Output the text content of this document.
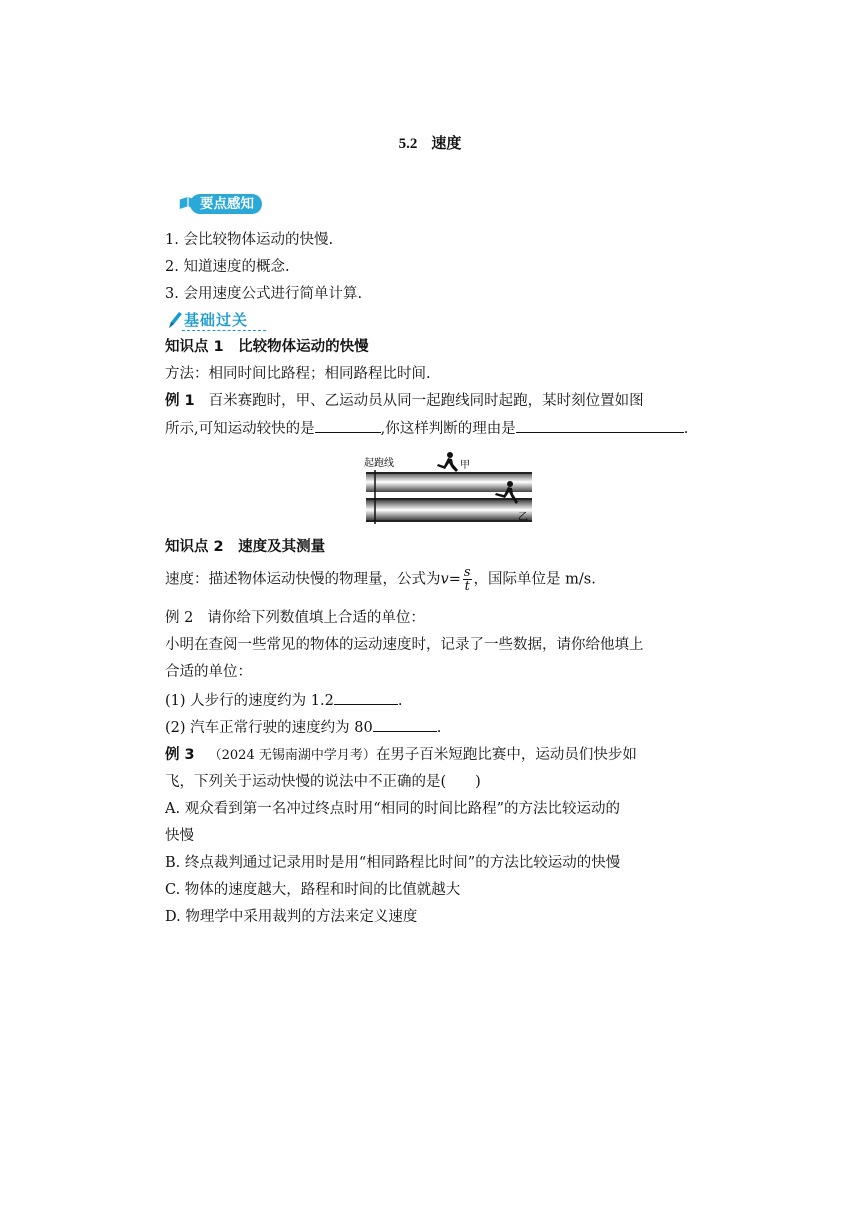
5.2 速度
要点感知
1. 会比较物体运动的快慢.
2. 知道速度的概念.
3. 会用速度公式进行简单计算.
基础过关
知识点 1　比较物体运动的快慢
方法：相同时间比路程；相同路程比时间.
例 1 百米赛跑时，甲、乙运动员从同一起跑线同时起跑，某时刻位置如图
所示,可知运动较快的是	,你这样判断的理由是	.
起跑线	甲
乙
知识点 2　速度及其测量
速度：描述物体运动快慢的物理量，公式为$v= \frac{s}{t}$ ，国际单位是 m/s.
例 2 请你给下列数值填上合适的单位：
小明在查阅一些常见的物体的运动速度时，记录了一些数据，请你给他填上
合适的单位：
(1) 人步行的速度约为 1.2	.
(2) 汽车正常行驶的速度约为 80	.
例 3 （2024 无锡南湖中学月考）在男子百米短跑比赛中，运动员们快步如
飞，下列关于运动快慢的说法中不正确的是(　　)
A. 观众看到第一名冲过终点时用“相同的时间比路程”的方法比较运动的
快慢
B. 终点裁判通过记录用时是用“相同路程比时间”的方法比较运动的快慢
C. 物体的速度越大，路程和时间的比值就越大
D. 物理学中采用裁判的方法来定义速度
